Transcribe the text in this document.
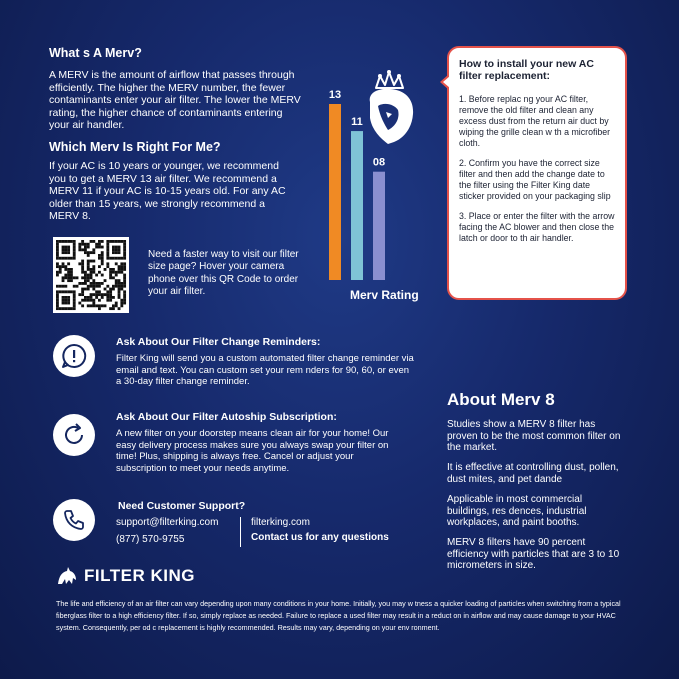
What s A Merv?

A MERV is the amount of airflow that passes through efficiently. The higher the MERV number, the fewer contaminants enter your air filter. The lower the MERV rating, the higher chance of contaminants entering your air handler.

Which Merv Is Right For Me?

If your AC is 10 years or younger, we recommend you to get a MERV 13 air filter. We recommend a MERV 11 if your AC is 10-15 years old. For any AC older than 15 years, we strongly recommend a MERV 8.

Need a faster way to visit our filter size page? Hover your camera phone over this QR Code to order your air filter.

13
11
08
Merv Rating
How to install your new AC filter replacement:

1. Before replac ng your AC filter, remove the old filter and clean any excess dust from the return air duct by wiping the grille clean w th a microfiber cloth.

2. Confirm you have the correct size filter and then add the change date to the filter using the Filter King date sticker provided on your packaging slip

3. Place or enter the filter with the arrow facing the AC blower and then close the latch or door to th air handler.

Ask About Our Filter Change Reminders:

Filter King will send you a custom automated filter change reminder via email and text. You can custom set your rem nders for 90, 60, or even a 30-day filter change reminder.

Ask About Our Filter Autoship Subscription:

A new filter on your doorstep means clean air for your home! Our easy delivery process makes sure you always swap your filter on time! Plus, shipping is always free. Cancel or adjust your subscription to meet your needs anytime.

Need Customer Support?
support@filterking.com
(877) 570-9755
filterking.com
Contact us for any questions
About Merv 8

Studies show a MERV 8 filter has proven to be the most common filter on the market.

It is effective at controlling dust, pollen, dust mites, and pet dande

Applicable in most commercial buildings, res dences, industrial workplaces, and paint booths.

MERV 8 filters have 90 percent efficiency with particles that are 3 to 10 micrometers in size.

FILTER KING

The life and efficiency of an air filter can vary depending upon many conditions in your home. Initially, you may w tness a quicker loading of particles when switching from a typical fiberglass filter to a high efficiency filter. If so, simply replace as needed. Failure to replace a used filter may result in a reduct on in airflow and may cause damage to your HVAC system. Consequently, per od c replacement is highly recommended. Results may vary, depending on your env ronment.
